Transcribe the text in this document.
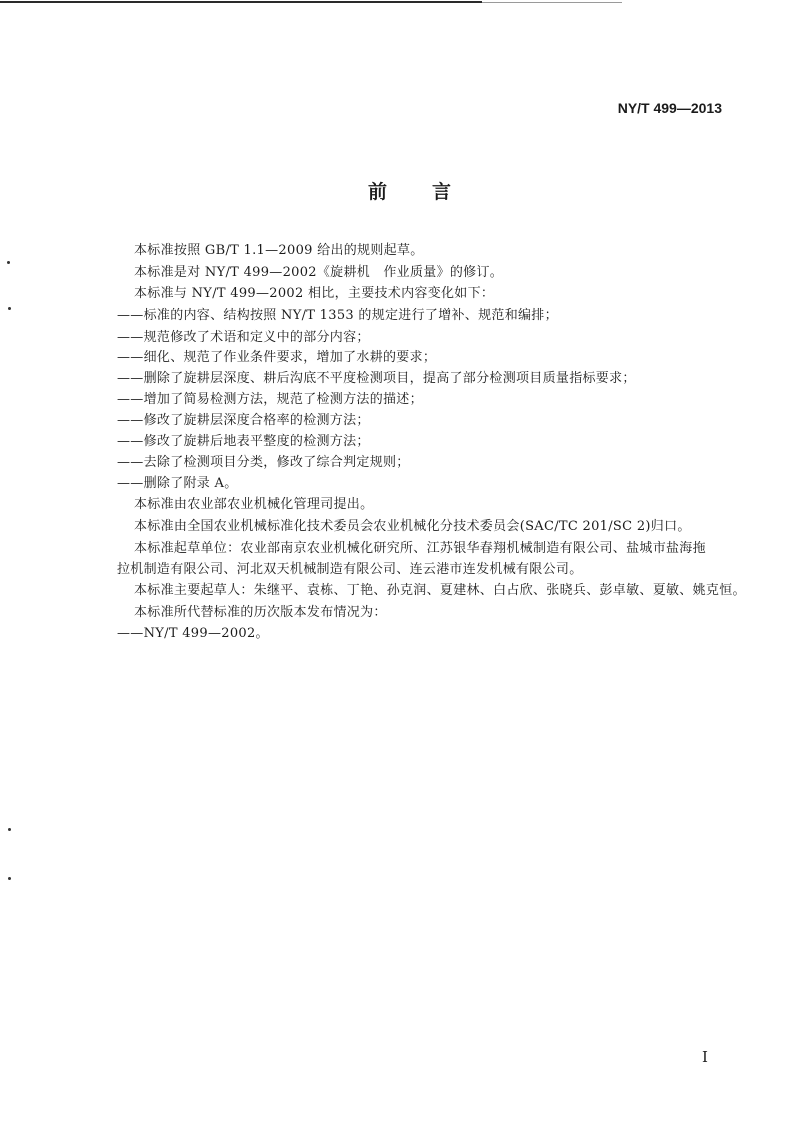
NY/T 499—2013
前言
本标准按照 GB/T 1.1—2009 给出的规则起草。
本标准是对 NY/T 499—2002《旋耕机　作业质量》的修订。
本标准与 NY/T 499—2002 相比，主要技术内容变化如下：
——标准的内容、结构按照 NY/T 1353 的规定进行了增补、规范和编排；
——规范修改了术语和定义中的部分内容；
——细化、规范了作业条件要求，增加了水耕的要求；
——删除了旋耕层深度、耕后沟底不平度检测项目，提高了部分检测项目质量指标要求；
——增加了简易检测方法，规范了检测方法的描述；
——修改了旋耕层深度合格率的检测方法；
——修改了旋耕后地表平整度的检测方法；
——去除了检测项目分类，修改了综合判定规则；
——删除了附录 A。
本标准由农业部农业机械化管理司提出。
本标准由全国农业机械标准化技术委员会农业机械化分技术委员会(SAC/TC 201/SC 2)归口。
本标准起草单位：农业部南京农业机械化研究所、江苏银华春翔机械制造有限公司、盐城市盐海拖
拉机制造有限公司、河北双天机械制造有限公司、连云港市连发机械有限公司。
本标准主要起草人：朱继平、袁栋、丁艳、孙克润、夏建林、白占欣、张晓兵、彭卓敏、夏敏、姚克恒。
本标准所代替标准的历次版本发布情况为：
——NY/T 499—2002。
I
